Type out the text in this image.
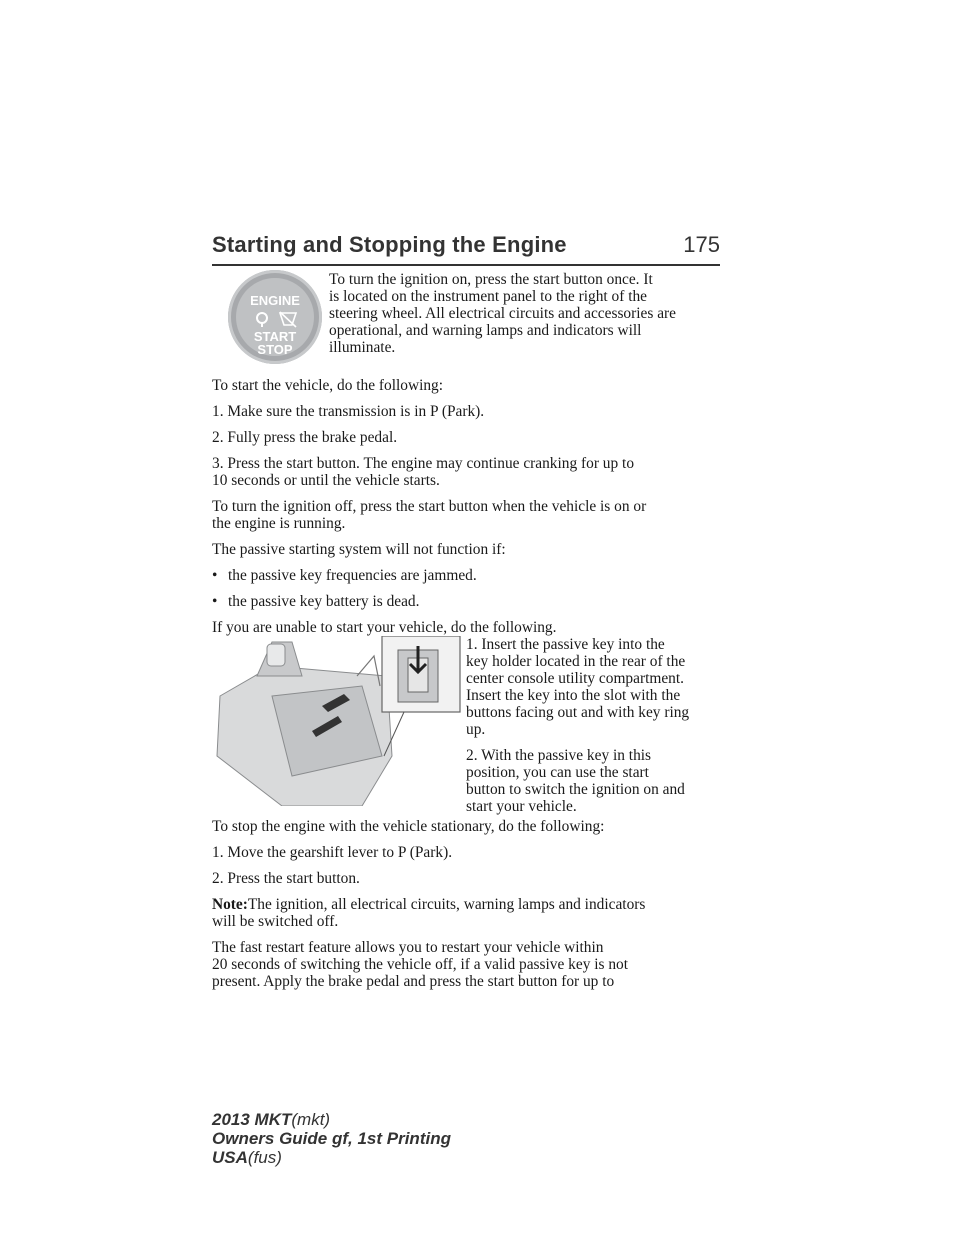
Starting and Stopping the Engine	175
ENGINE
START
STOP

To turn the ignition on, press the start button once. It

is located on the instrument panel to the right of the

steering wheel. All electrical circuits and accessories are

operational, and warning lamps and indicators will

illuminate.

To start the vehicle, do the following:

1. Make sure the transmission is in P (Park).

2. Fully press the brake pedal.

3. Press the start button. The engine may continue cranking for up to

10 seconds or until the vehicle starts.

To turn the ignition off, press the start button when the vehicle is on or

the engine is running.

The passive starting system will not function if:

• the passive key frequencies are jammed.
• the passive key battery is dead.

If you are unable to start your vehicle, do the following.

1. Insert the passive key into the

key holder located in the rear of the

center console utility compartment.

Insert the key into the slot with the

buttons facing out and with key ring

up.

2. With the passive key in this

position, you can use the start

button to switch the ignition on and

start your vehicle.

To stop the engine with the vehicle stationary, do the following:

1. Move the gearshift lever to P (Park).

2. Press the start button.

Note:The ignition, all electrical circuits, warning lamps and indicators

will be switched off.

The fast restart feature allows you to restart your vehicle within

20 seconds of switching the vehicle off, if a valid passive key is not

present. Apply the brake pedal and press the start button for up to

2013 MKT(mkt)
Owners Guide gf, 1st Printing
USA(fus)
